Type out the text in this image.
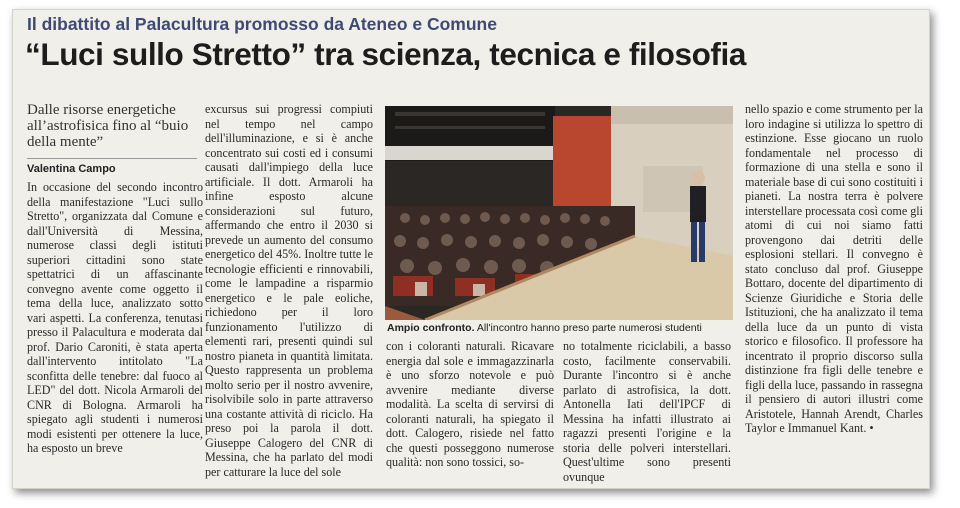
Il dibattito al Palacultura promosso da Ateneo e Comune
“Luci sullo Stretto” tra scienza, tecnica e filosofia
Dalle risorse energetiche all’astrofisica fino al “buio della mente”
Valentina Campo
In occasione del secondo incontro della manifestazione "Luci sullo Stretto", organizzata dal Comune e dall'Università di Messina, numerose classi degli istituti superiori cittadini sono state spettatrici di un affascinante convegno avente come oggetto il tema della luce, analizzato sotto vari aspetti. La conferenza, tenutasi presso il Palacultura e moderata dal prof. Dario Caroniti, è stata aperta dall'intervento intitolato "La sconfitta delle tenebre: dal fuoco al LED" del dott. Nicola Armaroli del CNR di Bologna. Armaroli ha spiegato agli studenti i numerosi modi esistenti per ottenere la luce, ha esposto un breve
excursus sui progressi compiuti nel tempo nel campo dell'illuminazione, e si è anche concentrato sui costi ed i consumi causati dall'impiego della luce artificiale. Il dott. Armaroli ha infine esposto alcune considerazioni sul futuro, affermando che entro il 2030 si prevede un aumento del consumo energetico del 45%. Inoltre tutte le tecnologie efficienti e rinnovabili, come le lampadine a risparmio energetico e le pale eoliche, richiedono per il loro funzionamento l'utilizzo di elementi rari, presenti quindi sul nostro pianeta in quantità limitata. Questo rappresenta un problema molto serio per il nostro avvenire, risolvibile solo in parte attraverso una costante attività di riciclo. Ha preso poi la parola il dott. Giuseppe Calogero del CNR di Messina, che ha parlato del modi per catturare la luce del sole
Ampio confronto. All'incontro hanno preso parte numerosi studenti
con i coloranti naturali. Ricavare energia dal sole e immagazzinarla è uno sforzo notevole e può avvenire mediante diverse modalità. La scelta di servirsi di coloranti naturali, ha spiegato il dott. Calogero, risiede nel fatto che questi posseggono numerose qualità: non sono tossici, so-
no totalmente riciclabili, a basso costo, facilmente conservabili. Durante l'incontro si è anche parlato di astrofisica, la dott. Antonella Iati dell'IPCF di Messina ha infatti illustrato ai ragazzi presenti l'origine e la storia delle polveri interstellari. Quest'ultime sono presenti ovunque
nello spazio e come strumento per la loro indagine si utilizza lo spettro di estinzione. Esse giocano un ruolo fondamentale nel processo di formazione di una stella e sono il materiale base di cui sono costituiti i pianeti. La nostra terra è polvere interstellare processata così come gli atomi di cui noi siamo fatti provengono dai detriti delle esplosioni stellari. Il convegno è stato concluso dal prof. Giuseppe Bottaro, docente del dipartimento di Scienze Giuridiche e Storia delle Istituzioni, che ha analizzato il tema della luce da un punto di vista storico e filosofico. Il professore ha incentrato il proprio discorso sulla distinzione fra figli delle tenebre e figli della luce, passando in rassegna il pensiero di autori illustri come Aristotele, Hannah Arendt, Charles Taylor e Immanuel Kant. •
